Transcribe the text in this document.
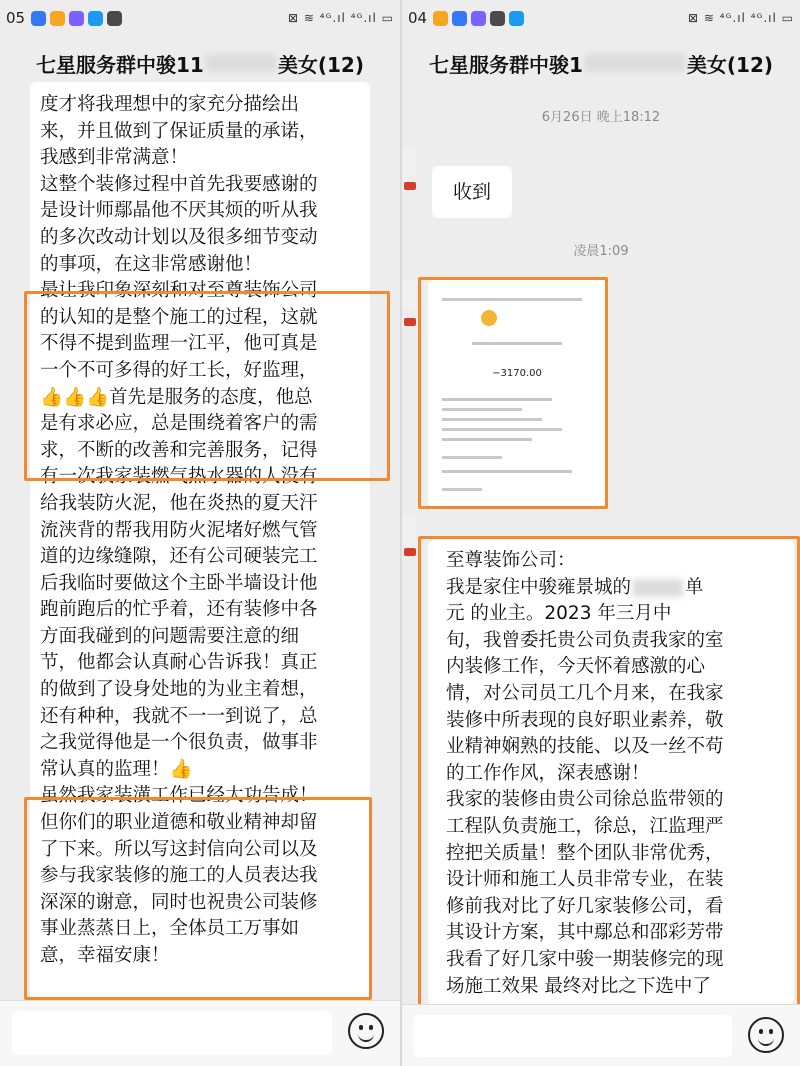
05	⊠ ≋ ⁴ᴳ.ıl ⁴ᴳ.ıl ▭
七星服务群中骏11	美女(12)

度才将我理想中的家充分描绘出

来，并且做到了保证质量的承诺，

我感到非常满意！

这整个装修过程中首先我要感谢的

是设计师鄢晶他不厌其烦的听从我

的多次改动计划以及很多细节变动

的事项，在这非常感谢他！

最让我印象深刻和对至尊装饰公司

的认知的是整个施工的过程，这就

不得不提到监理一江平，他可真是

一个不可多得的好工长，好监理，

👍👍👍首先是服务的态度，他总

是有求必应，总是围绕着客户的需

求，不断的改善和完善服务，记得

有一次我家装燃气热水器的人没有

给我装防火泥，他在炎热的夏天汗

流浃背的帮我用防火泥堵好燃气管

道的边缘缝隙，还有公司硬装完工

后我临时要做这个主卧半墙设计他

跑前跑后的忙乎着，还有装修中各

方面我碰到的问题需要注意的细

节，他都会认真耐心告诉我！真正

的做到了设身处地的为业主着想，

还有种种，我就不一一到说了，总

之我觉得他是一个很负责，做事非

常认真的监理！👍

虽然我家装潢工作已经大功告成！

但你们的职业道德和敬业精神却留

了下来。所以写这封信向公司以及

参与我家装修的施工的人员表达我

深深的谢意，同时也祝贵公司装修

事业蒸蒸日上，全体员工万事如

意，幸福安康！

04	⊠ ≋ ⁴ᴳ.ıl ⁴ᴳ.ıl ▭
七星服务群中骏1	美女(12)
6月26日 晚上18:12
收到
凌晨1:09
−3170.00

至尊装饰公司：

我是家住中骏雍景城的	单

元 的业主。2023 年三月中

旬，我曾委托贵公司负责我家的室

内装修工作，今天怀着感激的心

情，对公司员工几个月来，在我家

装修中所表现的良好职业素养，敬

业精神娴熟的技能、以及一丝不苟

的工作作风，深表感谢！

我家的装修由贵公司徐总监带领的

工程队负责施工，徐总，江监理严

控把关质量！整个团队非常优秀，

设计师和施工人员非常专业，在装

修前我对比了好几家装修公司，看

其设计方案，其中鄢总和邵彩芳带

我看了好几家中骏一期装修完的现

场施工效果 最终对比之下选中了
